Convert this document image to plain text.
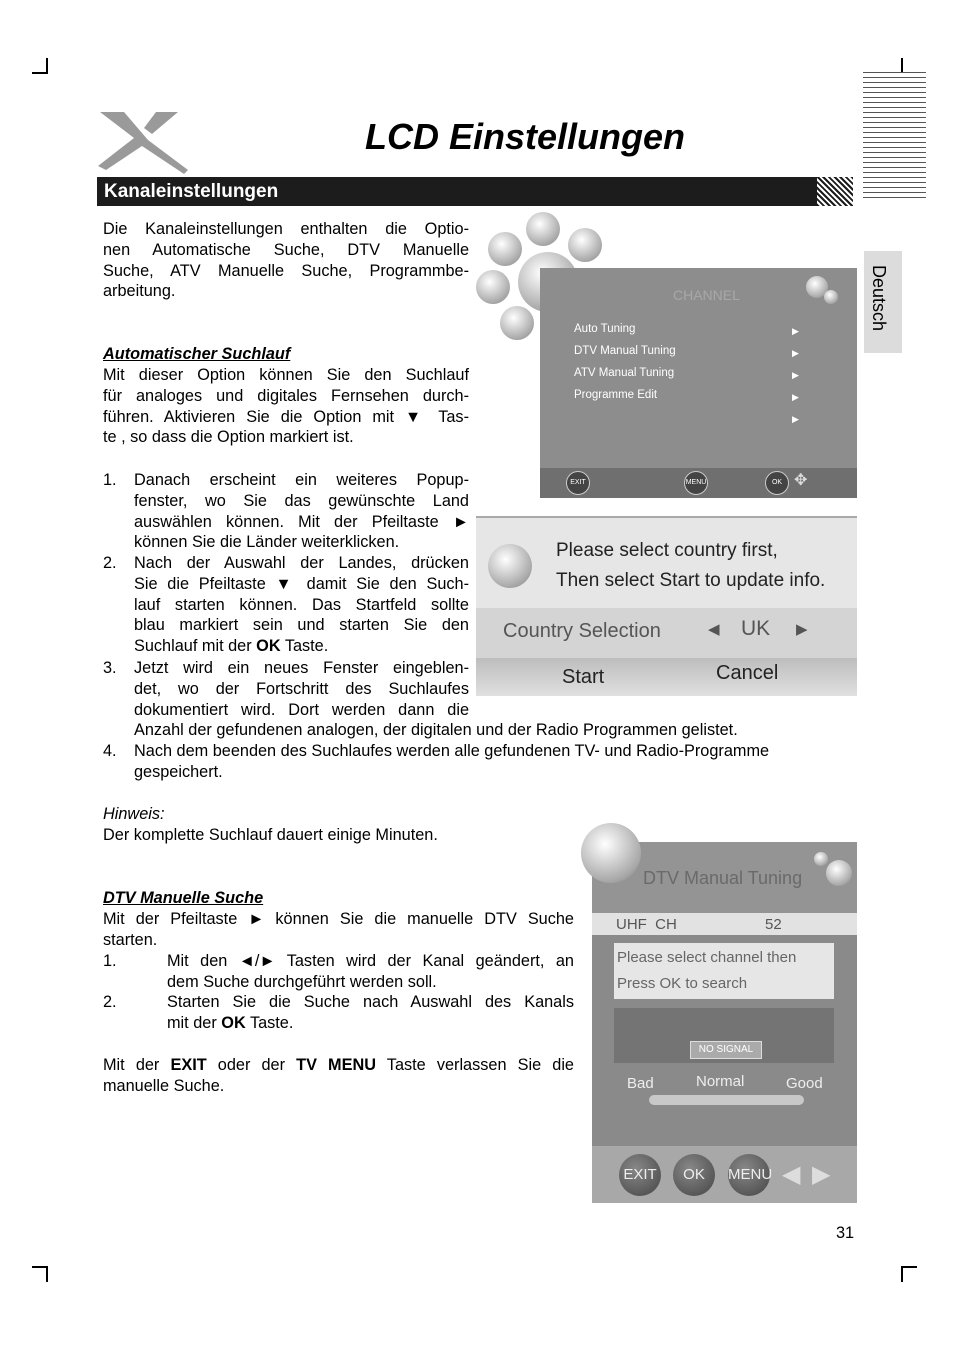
LCD Einstellungen
Kanaleinstellungen
Deutsch
Die Kanaleinstellungen enthalten die Optio-
nen Automatische Suche, DTV Manuelle
Suche, ATV Manuelle Suche, Programmbe-
arbeitung.
Automatischer Suchlauf
Mit dieser Option können Sie den Suchlauf
für analoges und digitales Fernsehen durch-
führen. Aktivieren Sie die Option mit ▼ Tas-
te , so dass die Option markiert ist.
1. Danach erscheint ein weiteres Popup-
fenster, wo Sie das gewünschte Land
auswählen können. Mit der Pfeiltaste ►
können Sie die Länder weiterklicken.
2. Nach der Auswahl der Landes, drücken
Sie die Pfeiltaste ▼ damit Sie den Such-
lauf starten können. Das Startfeld sollte
blau markiert sein und starten Sie den
Suchlauf mit der OK Taste.
3. Jetzt wird ein neues Fenster eingeblen-
det, wo der Fortschritt des Suchlaufes
dokumentiert wird. Dort werden dann die
Anzahl der gefundenen analogen, der digitalen und der Radio Programmen gelistet.
4. Nach dem beenden des Suchlaufes werden alle gefundenen TV- und Radio-Programme
gespeichert.
Hinweis:
Der komplette Suchlauf dauert einige Minuten.
DTV Manuelle Suche
Mit der Pfeiltaste ► können Sie die manuelle DTV Suche
starten.
1.	Mit den ◄/► Tasten wird der Kanal geändert, an
dem Suche durchgeführt werden soll.
2.	Starten Sie die Suche nach Auswahl des Kanals
mit der OK Taste.
Mit der EXIT oder der TV MENU Taste verlassen Sie die
manuelle Suche.
CHANNEL
Auto Tuning	▶
DTV Manual Tuning	▶
ATV Manual Tuning	▶
Programme Edit	▶
▶
EXIT	MENU	OK ✥
Please select country first,
Then select Start to update info.
Country Selection	◀ UK ▶
Start	Cancel
DTV Manual Tuning
UHF  CH	52
Please select channel then
Press OK to search
NO SIGNAL
Bad	Normal	Good
EXIT	OK	MENU ◀ ▶
31
